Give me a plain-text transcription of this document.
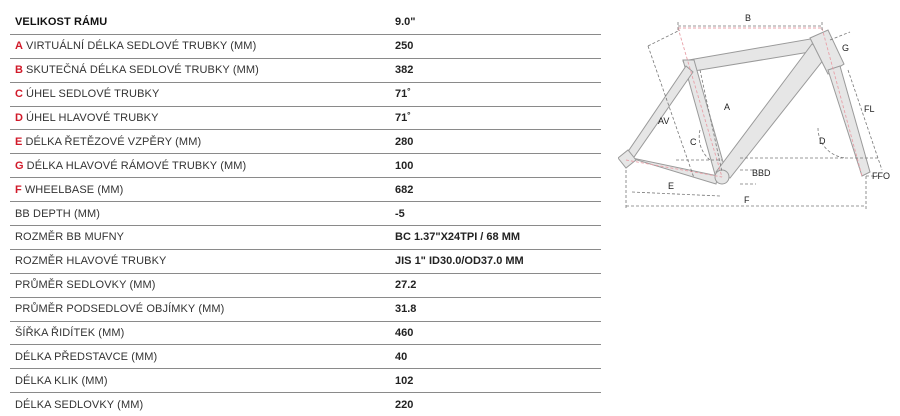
VELIKOST RÁMU	9.0"
A VIRTUÁLNÍ DÉLKA SEDLOVÉ TRUBKY (MM)	250
B SKUTEČNÁ DÉLKA SEDLOVÉ TRUBKY (MM)	382
C ÚHEL SEDLOVÉ TRUBKY	71˚
D ÚHEL HLAVOVÉ TRUBKY	71˚
E DÉLKA ŘETĚZOVÉ VZPĚRY (MM)	280
G DÉLKA HLAVOVÉ RÁMOVÉ TRUBKY (MM)	100
F WHEELBASE (MM)	682
BB DEPTH (MM)	-5
ROZMĚR BB MUFNY	BC 1.37"X24TPI / 68 MM
ROZMĚR HLAVOVÉ TRUBKY	JIS 1" ID30.0/OD37.0 MM
PRŮMĚR SEDLOVKY (MM)	27.2
PRŮMĚR PODSEDLOVÉ OBJÍMKY (MM)	31.8
ŠÍŘKA ŘIDÍTEK (MM)	460
DÉLKA PŘEDSTAVCE (MM)	40
DÉLKA KLIK (MM)	102
DÉLKA SEDLOVKY (MM)	220
B
G
A
AV
FL
C	D
BBD
E
FFO
F
